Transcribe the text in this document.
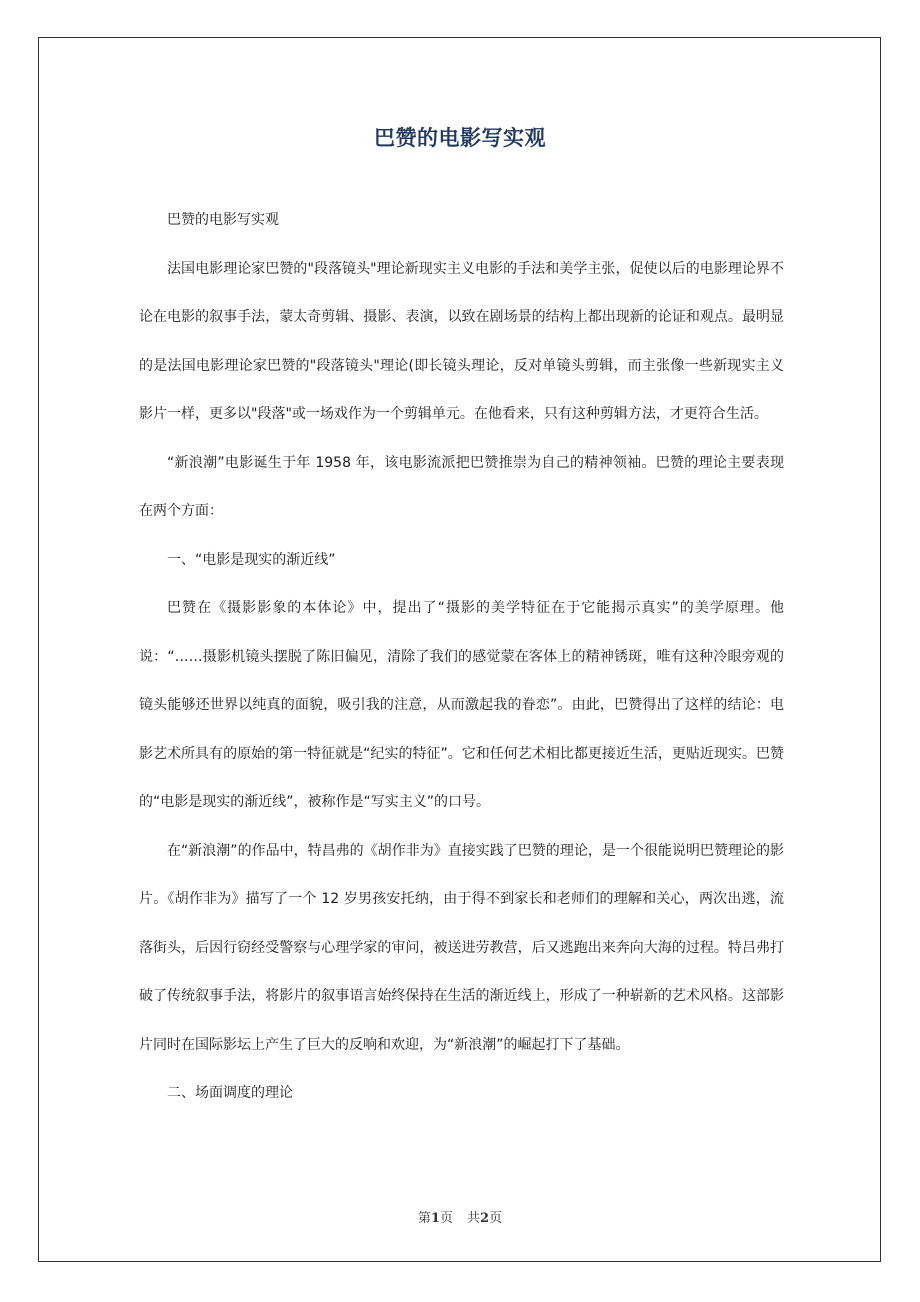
巴赞的电影写实观

巴赞的电影写实观

法国电影理论家巴赞的"段落镜头"理论新现实主义电影的手法和美学主张，促使以后的电影理论界不论在电影的叙事手法，蒙太奇剪辑、摄影、表演，以致在剧场景的结构上都出现新的论证和观点。最明显的是法国电影理论家巴赞的"段落镜头"理论(即长镜头理论，反对单镜头剪辑，而主张像一些新现实主义影片一样，更多以"段落"或一场戏作为一个剪辑单元。在他看来，只有这种剪辑方法，才更符合生活。

“新浪潮”电影诞生于年 1958 年，该电影流派把巴赞推崇为自己的精神领袖。巴赞的理论主要表现在两个方面：

一、“电影是现实的渐近线”

巴赞在《摄影影象的本体论》中，提出了“摄影的美学特征在于它能揭示真实”的美学原理。他说：“……摄影机镜头摆脱了陈旧偏见，清除了我们的感觉蒙在客体上的精神锈斑，唯有这种冷眼旁观的镜头能够还世界以纯真的面貌，吸引我的注意，从而激起我的眷恋”。由此，巴赞得出了这样的结论：电影艺术所具有的原始的第一特征就是“纪实的特征”。它和任何艺术相比都更接近生活，更贴近现实。巴赞的“电影是现实的渐近线”，被称作是“写实主义”的口号。

在“新浪潮”的作品中，特昌弗的《胡作非为》直接实践了巴赞的理论，是一个很能说明巴赞理论的影片。《胡作非为》描写了一个 12 岁男孩安托纳，由于得不到家长和老师们的理解和关心，两次出逃，流落街头，后因行窃经受警察与心理学家的审问，被送进劳教营，后又逃跑出来奔向大海的过程。特吕弗打破了传统叙事手法，将影片的叙事语言始终保持在生活的渐近线上，形成了一种崭新的艺术风格。这部影片同时在国际影坛上产生了巨大的反响和欢迎，为“新浪潮”的崛起打下了基础。

二、场面调度的理论

第1页 共2页
